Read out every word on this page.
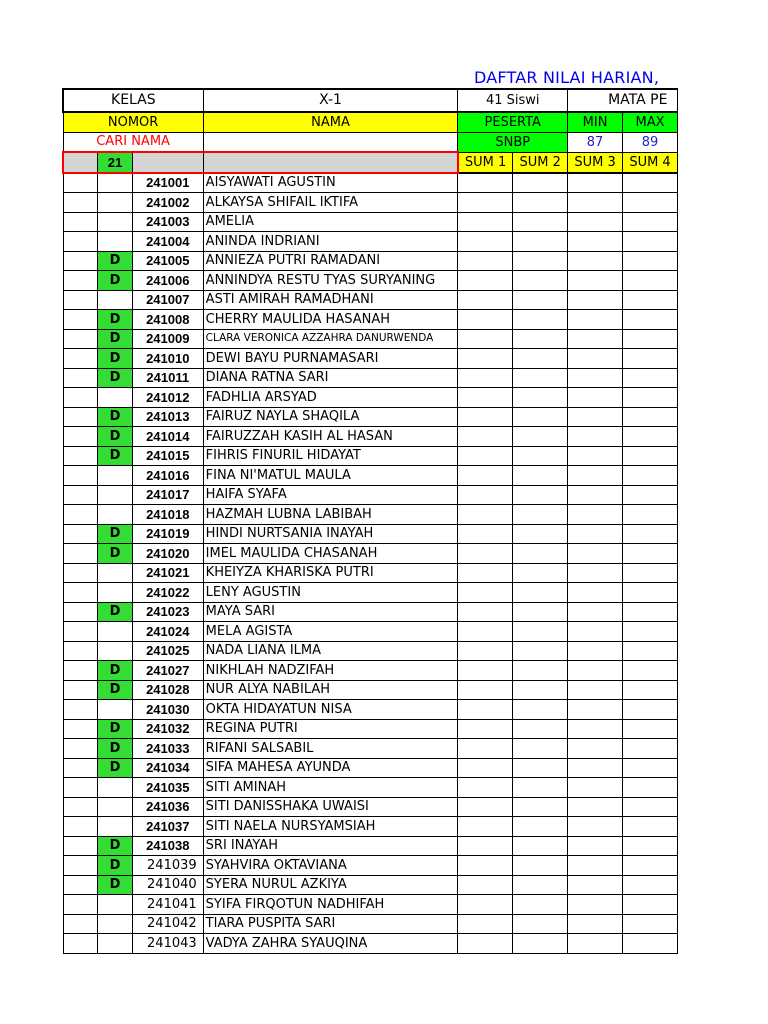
DAFTAR NILAI HARIAN,
KELAS			X-1	41 Siswi		MATA PE	
NOMOR			NAMA	PESERTA		MIN	MAX
CARI NAMA				SNBP		87	89
	21			SUM 1	SUM 2	SUM 3	SUM 4
		241001	AISYAWATI AGUSTIN				
		241002	ALKAYSA SHIFAIL IKTIFA				
		241003	AMELIA				
		241004	ANINDA INDRIANI				
	D	241005	ANNIEZA PUTRI RAMADANI				
	D	241006	ANNINDYA RESTU TYAS SURYANING				
		241007	ASTI AMIRAH RAMADHANI				
	D	241008	CHERRY MAULIDA HASANAH				
	D	241009	CLARA VERONICA AZZAHRA DANURWENDA				
	D	241010	DEWI BAYU PURNAMASARI				
	D	241011	DIANA RATNA SARI				
		241012	FADHLIA ARSYAD				
	D	241013	FAIRUZ NAYLA SHAQILA				
	D	241014	FAIRUZZAH KASIH AL HASAN				
	D	241015	FIHRIS FINURIL HIDAYAT				
		241016	FINA NI'MATUL MAULA				
		241017	HAIFA SYAFA				
		241018	HAZMAH LUBNA LABIBAH				
	D	241019	HINDI NURTSANIA INAYAH				
	D	241020	IMEL MAULIDA CHASANAH				
		241021	KHEIYZA KHARISKA PUTRI				
		241022	LENY AGUSTIN				
	D	241023	MAYA SARI				
		241024	MELA AGISTA				
		241025	NADA LIANA ILMA				
	D	241027	NIKHLAH NADZIFAH				
	D	241028	NUR ALYA NABILAH				
		241030	OKTA HIDAYATUN NISA				
	D	241032	REGINA PUTRI				
	D	241033	RIFANI SALSABIL				
	D	241034	SIFA MAHESA AYUNDA				
		241035	SITI AMINAH				
		241036	SITI DANISSHAKA UWAISI				
		241037	SITI NAELA NURSYAMSIAH				
	D	241038	SRI INAYAH				
	D	241039	SYAHVIRA OKTAVIANA				
	D	241040	SYERA NURUL AZKIYA				
		241041	SYIFA FIRQOTUN NADHIFAH				
		241042	TIARA PUSPITA SARI				
		241043	VADYA ZAHRA SYAUQINA				
